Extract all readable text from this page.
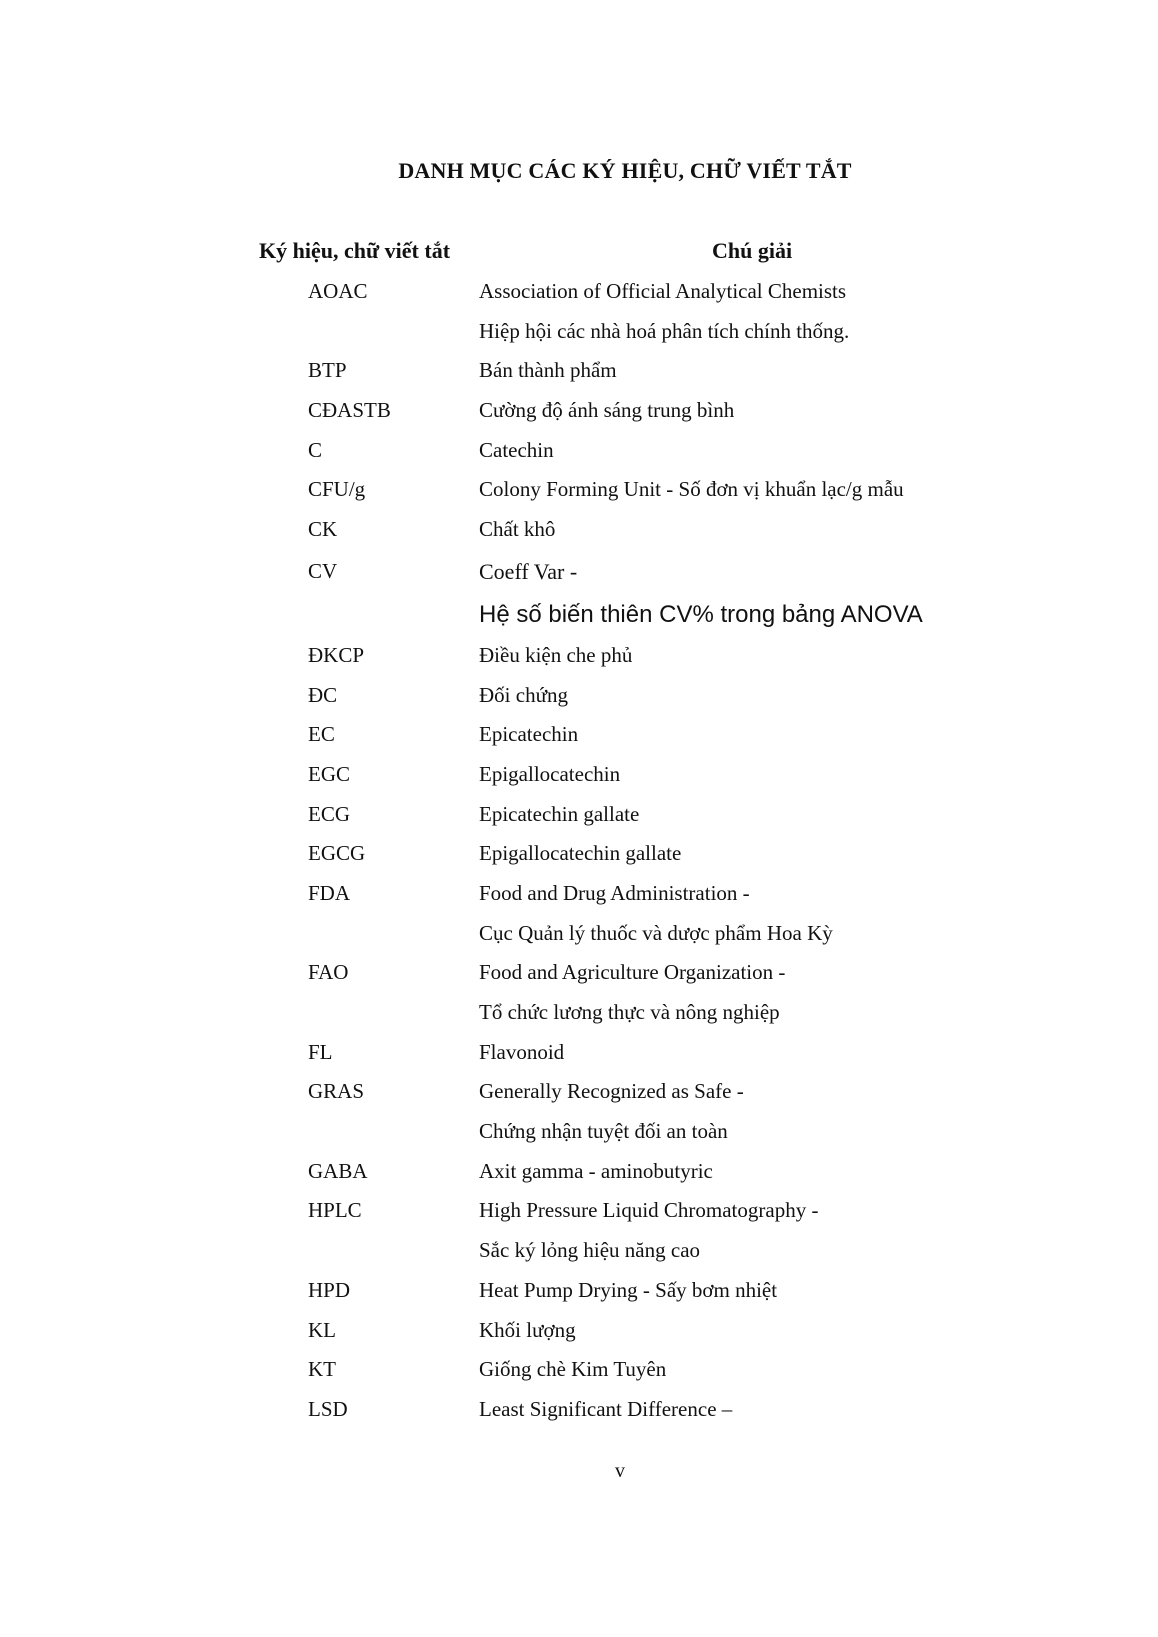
DANH MỤC CÁC KÝ HIỆU, CHỮ VIẾT TẮT
Ký hiệu, chữ viết tắt	Chú giải
AOAC	Association of Official Analytical Chemists
Hiệp hội các nhà hoá phân tích chính thống.
BTP	Bán thành phẩm
CĐASTB	Cường độ ánh sáng trung bình
C	Catechin
CFU/g	Colony Forming Unit - Số đơn vị khuẩn lạc/g mẫu
CK	Chất khô
CV	Coeff Var -
Hệ số biến thiên CV% trong bảng ANOVA
ĐKCP	Điều kiện che phủ
ĐC	Đối chứng
EC	Epicatechin
EGC	Epigallocatechin
ECG	Epicatechin gallate
EGCG	Epigallocatechin gallate
FDA	Food and Drug Administration -
Cục Quản lý thuốc và dược phẩm Hoa Kỳ
FAO	Food and Agriculture Organization -
Tổ chức lương thực và nông nghiệp
FL	Flavonoid
GRAS	Generally Recognized as Safe -
Chứng nhận tuyệt đối an toàn
GABA	Axit gamma - aminobutyric
HPLC	High Pressure Liquid Chromatography -
Sắc ký lỏng hiệu năng cao
HPD	Heat Pump Drying - Sấy bơm nhiệt
KL	Khối lượng
KT	Giống chè Kim Tuyên
LSD	Least Significant Difference –
v
